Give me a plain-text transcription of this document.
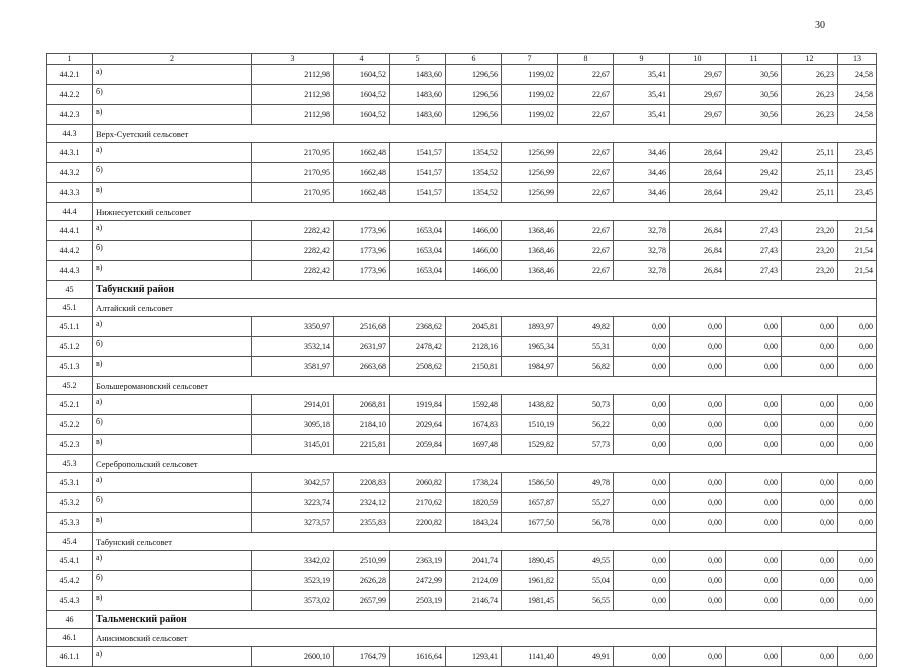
30
1	2	3	4	5	6	7	8	9	10	11	12	13
44.2.1	а)	2112,98	1604,52	1483,60	1296,56	1199,02	22,67	35,41	29,67	30,56	26,23	24,58
44.2.2	б)	2112,98	1604,52	1483,60	1296,56	1199,02	22,67	35,41	29,67	30,56	26,23	24,58
44.2.3	в)	2112,98	1604,52	1483,60	1296,56	1199,02	22,67	35,41	29,67	30,56	26,23	24,58
44.3	Верх-Суетский сельсовет											
44.3.1	а)	2170,95	1662,48	1541,57	1354,52	1256,99	22,67	34,46	28,64	29,42	25,11	23,45
44.3.2	б)	2170,95	1662,48	1541,57	1354,52	1256,99	22,67	34,46	28,64	29,42	25,11	23,45
44.3.3	в)	2170,95	1662,48	1541,57	1354,52	1256,99	22,67	34,46	28,64	29,42	25,11	23,45
44.4	Нижнесуетский сельсовет											
44.4.1	а)	2282,42	1773,96	1653,04	1466,00	1368,46	22,67	32,78	26,84	27,43	23,20	21,54
44.4.2	б)	2282,42	1773,96	1653,04	1466,00	1368,46	22,67	32,78	26,84	27,43	23,20	21,54
44.4.3	в)	2282,42	1773,96	1653,04	1466,00	1368,46	22,67	32,78	26,84	27,43	23,20	21,54
45	Табунский район											
45.1	Алтайский сельсовет											
45.1.1	а)	3350,97	2516,68	2368,62	2045,81	1893,97	49,82	0,00	0,00	0,00	0,00	0,00
45.1.2	б)	3532,14	2631,97	2478,42	2128,16	1965,34	55,31	0,00	0,00	0,00	0,00	0,00
45.1.3	в)	3581,97	2663,68	2508,62	2150,81	1984,97	56,82	0,00	0,00	0,00	0,00	0,00
45.2	Большеромановский сельсовет											
45.2.1	а)	2914,01	2068,81	1919,84	1592,48	1438,82	50,73	0,00	0,00	0,00	0,00	0,00
45.2.2	б)	3095,18	2184,10	2029,64	1674,83	1510,19	56,22	0,00	0,00	0,00	0,00	0,00
45.2.3	в)	3145,01	2215,81	2059,84	1697,48	1529,82	57,73	0,00	0,00	0,00	0,00	0,00
45.3	Серебропольский сельсовет											
45.3.1	а)	3042,57	2208,83	2060,82	1738,24	1586,50	49,78	0,00	0,00	0,00	0,00	0,00
45.3.2	б)	3223,74	2324,12	2170,62	1820,59	1657,87	55,27	0,00	0,00	0,00	0,00	0,00
45.3.3	в)	3273,57	2355,83	2200,82	1843,24	1677,50	56,78	0,00	0,00	0,00	0,00	0,00
45.4	Табунский сельсовет											
45.4.1	а)	3342,02	2510,99	2363,19	2041,74	1890,45	49,55	0,00	0,00	0,00	0,00	0,00
45.4.2	б)	3523,19	2626,28	2472,99	2124,09	1961,82	55,04	0,00	0,00	0,00	0,00	0,00
45.4.3	в)	3573,02	2657,99	2503,19	2146,74	1981,45	56,55	0,00	0,00	0,00	0,00	0,00
46	Тальменский район											
46.1	Анисимовский сельсовет											
46.1.1	а)	2600,10	1764,79	1616,64	1293,41	1141,40	49,91	0,00	0,00	0,00	0,00	0,00
